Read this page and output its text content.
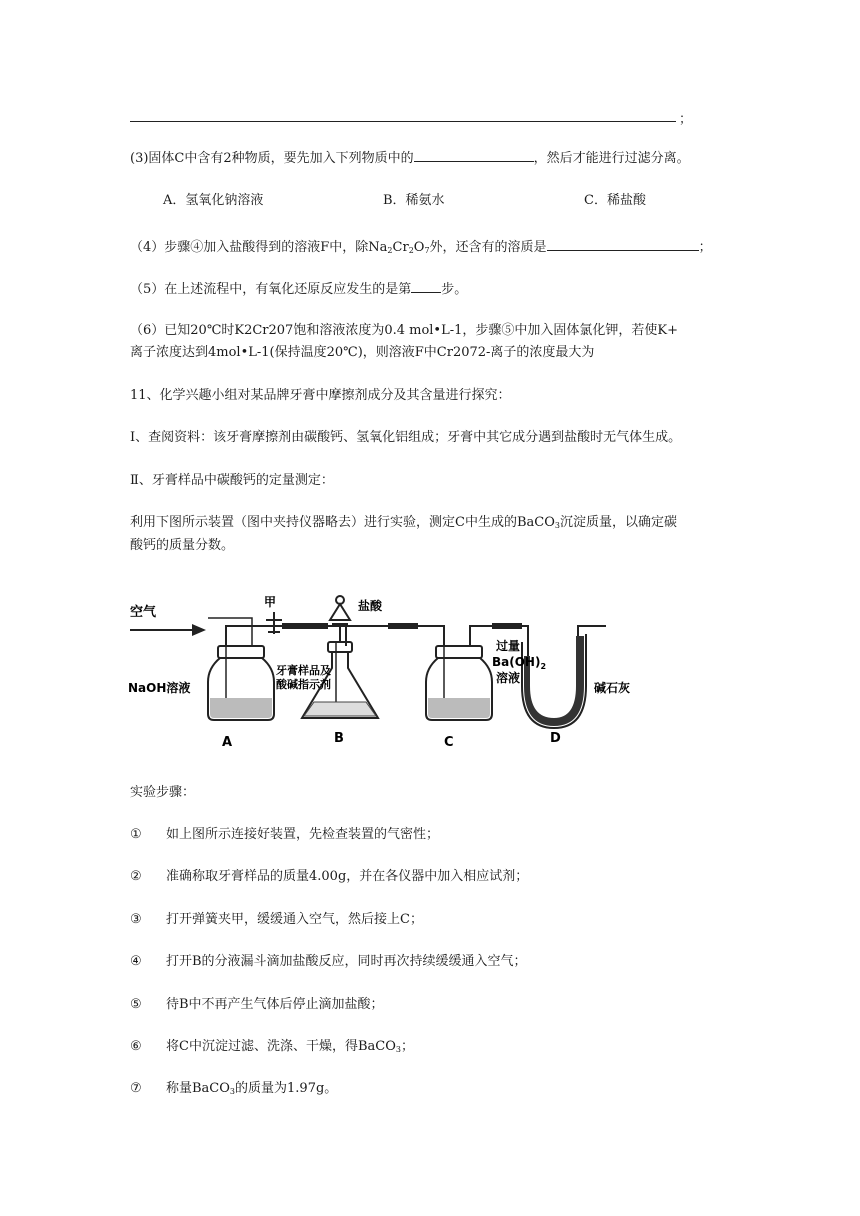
；
(3)固体C中含有2种物质，要先加入下列物质中的	，然后才能进行过滤分离。
A．氢氧化钠溶液	B．稀氨水	C．稀盐酸
（4）步骤④加入盐酸得到的溶液F中，除$Na_2Cr_2O_7$外，还含有的溶质是	；
（5）在上述流程中，有氧化还原反应发生的是第 步。
（6）已知20℃时K2Cr207饱和溶液浓度为0.4 mol•L-1，步骤⑤中加入固体氯化钾，若使K+
离子浓度达到4mol•L-1(保持温度20℃)，则溶液F中Cr2072-离子的浓度最大为
11、化学兴趣小组对某品牌牙膏中摩擦剂成分及其含量进行探究：
Ⅰ、查阅资料：该牙膏摩擦剂由碳酸钙、氢氧化铝组成；牙膏中其它成分遇到盐酸时无气体生成。
Ⅱ、牙膏样品中碳酸钙的定量测定：
利用下图所示装置（图中夹持仪器略去）进行实验，测定C中生成的BaCO$_3$沉淀质量，以确定碳
酸钙的质量分数。
空气
甲	盐酸
NaOH溶液
牙膏样品及
酸碱指示剂
过量
$Ba(OH)_2$
溶液
碱石灰
A	B	C	D
实验步骤：
① 如上图所示连接好装置，先检查装置的气密性；
② 准确称取牙膏样品的质量4.00g，并在各仪器中加入相应试剂；
③ 打开弹簧夹甲，缓缓通入空气，然后接上C；
④ 打开B的分液漏斗滴加盐酸反应，同时再次持续缓缓通入空气；
⑤ 待B中不再产生气体后停止滴加盐酸；
⑥ 将C中沉淀过滤、洗涤、干燥，得BaCO$_3$；
⑦ 称量BaCO$_3$的质量为1.97g。
